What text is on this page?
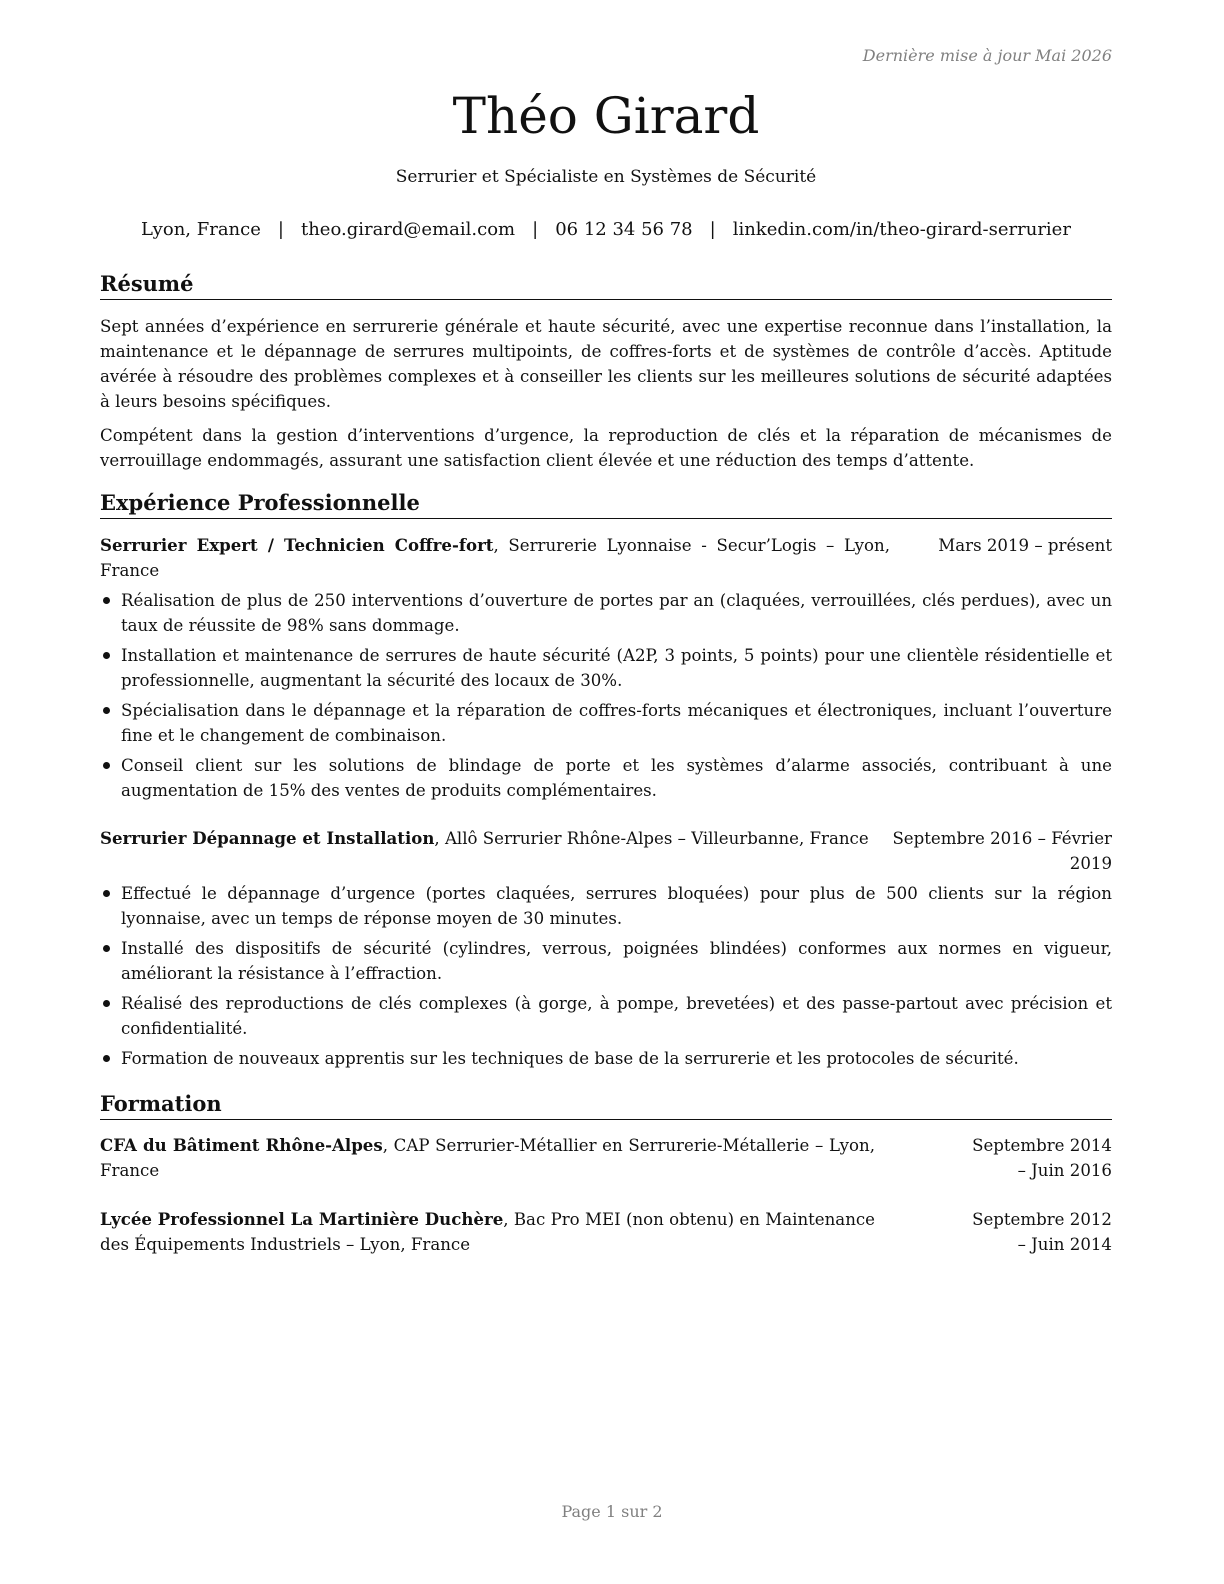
Dernière mise à jour Mai 2026
Théo Girard
Serrurier et Spécialiste en Systèmes de Sécurité
Lyon, France | theo.girard@email.com | 06 12 34 56 78 | linkedin.com/in/theo-girard-serrurier
Résumé

Sept années d’expérience en serrurerie générale et haute sécurité, avec une expertise reconnue dans l’installation, la maintenance et le dépannage de serrures multipoints, de coffres-forts et de systèmes de contrôle d’accès. Aptitude avérée à résoudre des problèmes complexes et à conseiller les clients sur les meilleures solutions de sécurité adaptées à leurs besoins spécifiques.

Compétent dans la gestion d’interventions d’urgence, la reproduction de clés et la réparation de mécanismes de verrouillage endommagés, assurant une satisfaction client élevée et une réduction des temps d’attente.

Expérience Professionnelle
Serrurier Expert / Technicien Coffre-fort, Serrurerie Lyonnaise - Secur’Logis – Lyon, France
Mars 2019 – présent
Réalisation de plus de 250 interventions d’ouverture de portes par an (claquées, verrouillées, clés perdues), avec un taux de réussite de 98% sans dommage.
Installation et maintenance de serrures de haute sécurité (A2P, 3 points, 5 points) pour une clientèle résidentielle et professionnelle, augmentant la sécurité des locaux de 30%.
Spécialisation dans le dépannage et la réparation de coffres-forts mécaniques et électroniques, incluant l’ouverture fine et le changement de combinaison.
Conseil client sur les solutions de blindage de porte et les systèmes d’alarme associés, contribuant à une augmentation de 15% des ventes de produits complémentaires.
Serrurier Dépannage et Installation, Allô Serrurier Rhône-Alpes – Villeurbanne, France	Septembre 2016 – Février 2019
Effectué le dépannage d’urgence (portes claquées, serrures bloquées) pour plus de 500 clients sur la région lyonnaise, avec un temps de réponse moyen de 30 minutes.
Installé des dispositifs de sécurité (cylindres, verrous, poignées blindées) conformes aux normes en vigueur, améliorant la résistance à l’effraction.
Réalisé des reproductions de clés complexes (à gorge, à pompe, brevetées) et des passe-partout avec précision et confidentialité.
Formation de nouveaux apprentis sur les techniques de base de la serrurerie et les protocoles de sécurité.
Formation
CFA du Bâtiment Rhône-Alpes, CAP Serrurier-Métallier en Serrurerie-Métallerie – Lyon, France
Septembre 2014 – Juin 2016
Lycée Professionnel La Martinière Duchère, Bac Pro MEI (non obtenu) en Maintenance des Équipements Industriels – Lyon, France
Septembre 2012 – Juin 2014
Page 1 sur 2
